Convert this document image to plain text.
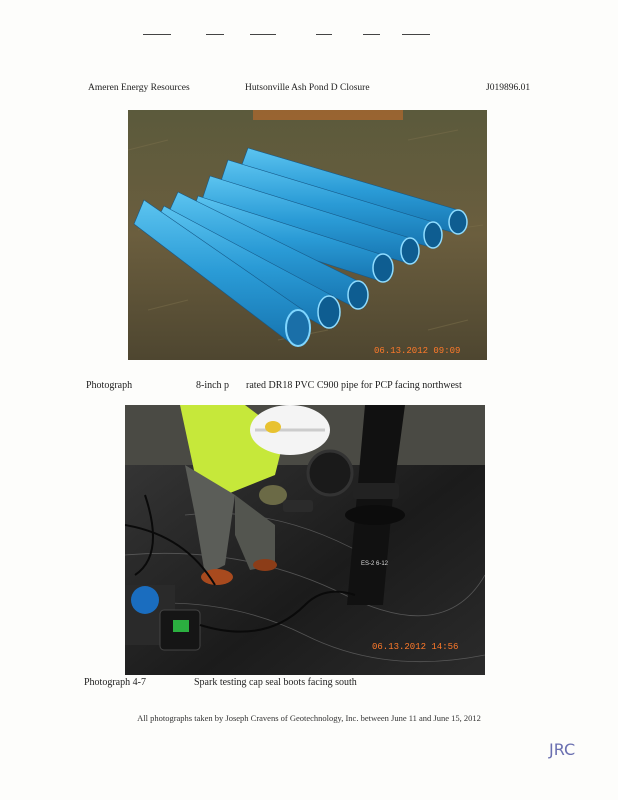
Ameren Energy Resources	Hutsonville Ash Pond D Closure	J019896.01
06.13.2012 09:09
Photograph	8-inch p rated DR18 PVC C900 pipe for PCP facing northwest
ES-2 6-12
06.13.2012 14:56
Photograph 4-7	Spark testing cap seal boots facing south
All photographs taken by Joseph Cravens of Geotechnology, Inc. between June 11 and June 15, 2012
JRC
